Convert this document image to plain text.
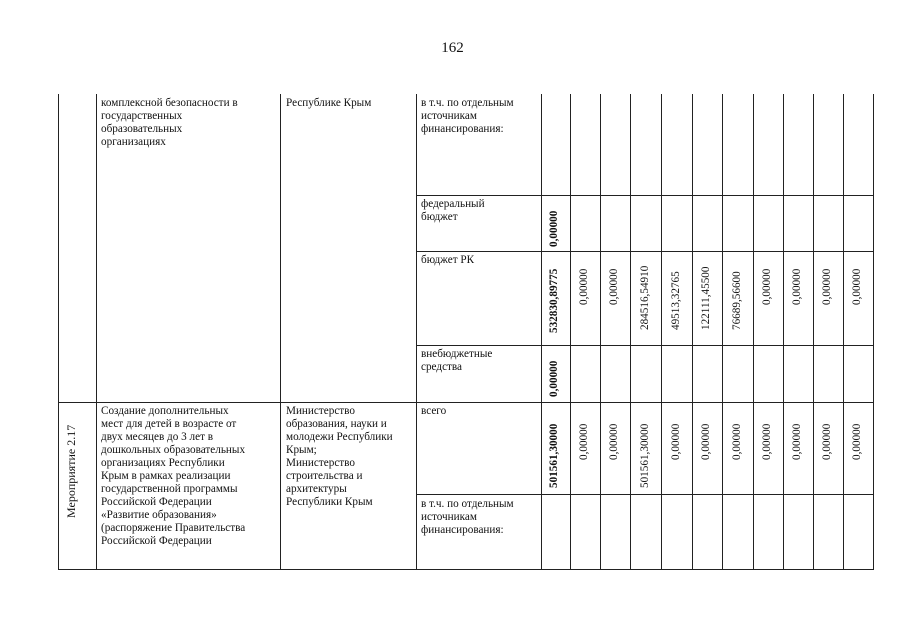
162
комплексной безопасности в
государственных
образовательных
организациях
Республике Крым	в т.ч. по отдельным
источникам
финансирования:
федеральный
бюджет
бюджет РК
внебюджетные
средства
0,00000
532830,89775 0,00000 0,00000 284516,54910 49513,32765 122111,45500 76689,56600 0,00000 0,00000 0,00000 0,00000
0,00000
Мероприятие 2.17
Создание дополнительных
мест для детей в возрасте от
двух месяцев до 3 лет в
дошкольных образовательных
организациях Республики
Крым в рамках реализации
государственной программы
Российской Федерации
«Развитие образования»
(распоряжение Правительства
Российской Федерации
Министерство
образования, науки и
молодежи Республики
Крым;
Министерство
строительства и
архитектуры
Республики Крым
всего
в т.ч. по отдельным
источникам
финансирования:
501561,30000 0,00000 0,00000 501561,30000 0,00000 0,00000 0,00000 0,00000 0,00000 0,00000 0,00000
